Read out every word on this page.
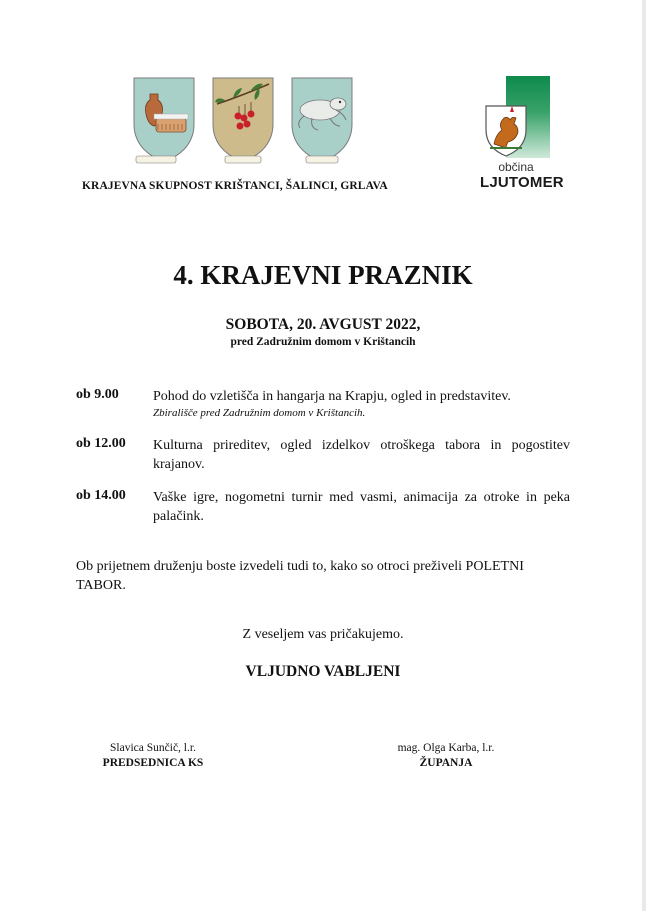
KRAJEVNA SKUPNOST KRIŠTANCI, ŠALINCI, GRLAVA
občina
LJUTOMER
4. KRAJEVNI PRAZNIK
SOBOTA, 20. AVGUST 2022,
pred Zadružnim domom v Krištancih
ob 9.00 Pohod do vzletišča in hangarja na Krapju, ogled in predstavitev.
Zbirališče pred Zadružnim domom v Krištancih.
ob 12.00 Kulturna prireditev, ogled izdelkov otroškega tabora in pogostitev krajanov.
ob 14.00 Vaške igre, nogometni turnir med vasmi, animacija za otroke in peka palačink.
Ob prijetnem druženju boste izvedeli tudi to, kako so otroci preživeli POLETNI TABOR.
Z veseljem vas pričakujemo.
VLJUDNO VABLJENI
Slavica Sunčič, l.r.
PREDSEDNICA KS
mag. Olga Karba, l.r.
ŽUPANJA
